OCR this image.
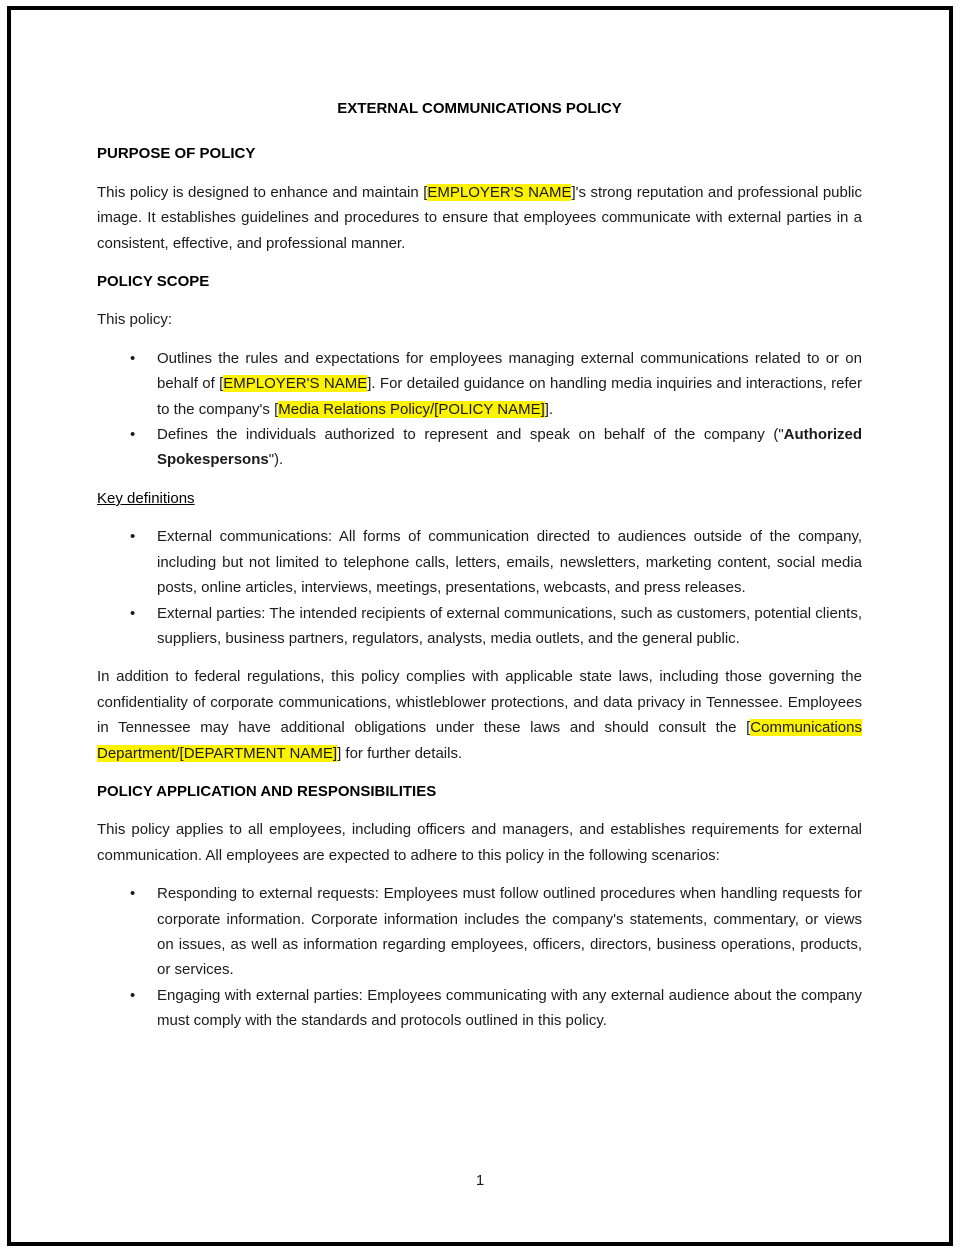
EXTERNAL COMMUNICATIONS POLICY
PURPOSE OF POLICY

This policy is designed to enhance and maintain [EMPLOYER'S NAME]'s strong reputation and professional public image. It establishes guidelines and procedures to ensure that employees communicate with external parties in a consistent, effective, and professional manner.

POLICY SCOPE

This policy:

• Outlines the rules and expectations for employees managing external communications related to or on behalf of [EMPLOYER'S NAME]. For detailed guidance on handling media inquiries and interactions, refer to the company's [Media Relations Policy/[POLICY NAME]].
• Defines the individuals authorized to represent and speak on behalf of the company ("Authorized Spokespersons").
Key definitions
• External communications: All forms of communication directed to audiences outside of the company, including but not limited to telephone calls, letters, emails, newsletters, marketing content, social media posts, online articles, interviews, meetings, presentations, webcasts, and press releases.
• External parties: The intended recipients of external communications, such as customers, potential clients, suppliers, business partners, regulators, analysts, media outlets, and the general public.

In addition to federal regulations, this policy complies with applicable state laws, including those governing the confidentiality of corporate communications, whistleblower protections, and data privacy in Tennessee. Employees in Tennessee may have additional obligations under these laws and should consult the [Communications Department/[DEPARTMENT NAME]] for further details.

POLICY APPLICATION AND RESPONSIBILITIES

This policy applies to all employees, including officers and managers, and establishes requirements for external communication. All employees are expected to adhere to this policy in the following scenarios:

• Responding to external requests: Employees must follow outlined procedures when handling requests for corporate information. Corporate information includes the company's statements, commentary, or views on issues, as well as information regarding employees, officers, directors, business operations, products, or services.
• Engaging with external parties: Employees communicating with any external audience about the company must comply with the standards and protocols outlined in this policy.
1
